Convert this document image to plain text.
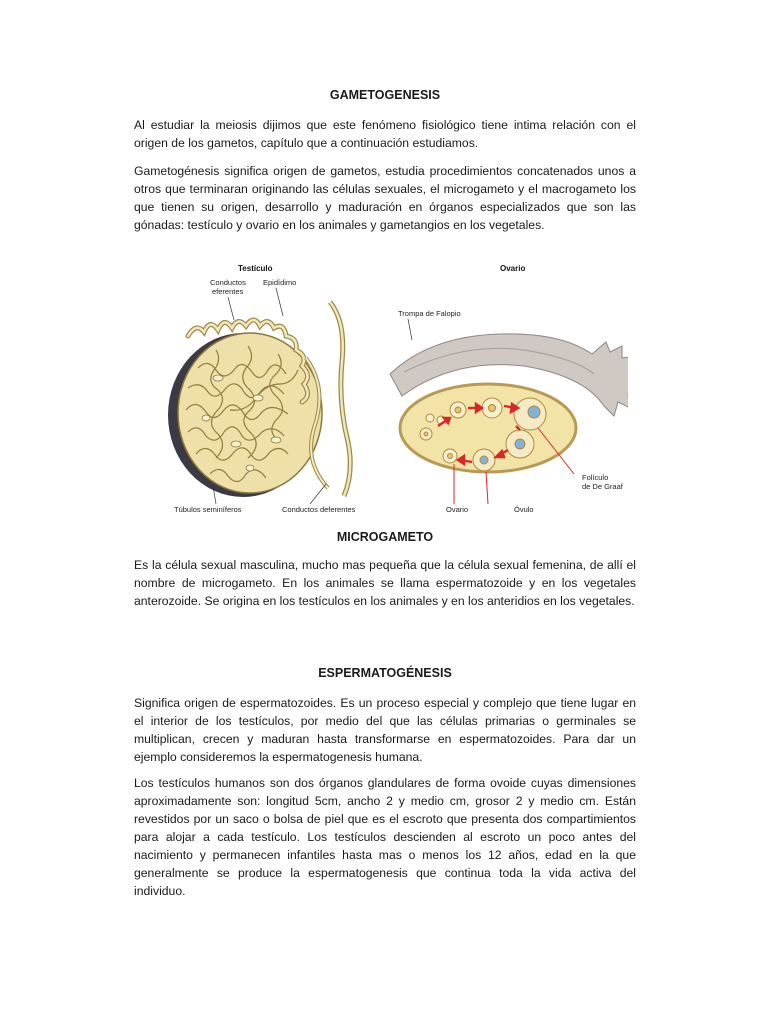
GAMETOGENESIS

Al estudiar la meiosis dijimos que este fenómeno fisiológico tiene intima relación con el origen de los gametos, capítulo que a continuación estudiamos.

Gametogénesis significa origen de gametos, estudia procedimientos concatenados unos a otros que terminaran originando las células sexuales, el microgameto y el macrogameto los que tienen su origen, desarrollo y maduración en órganos especializados que son las gónadas: testículo y ovario en los animales y gametangios en los vegetales.

Testículo
Conductos
eferentes
Epidídimo
Túbulos seminíferos	Conductos deferentes
Ovario
Trompa de Falopio
Folículo
de De Graaf
Ovario	Óvulo
MICROGAMETO

Es la célula sexual masculina, mucho mas pequeña que la célula sexual femenina, de allí el nombre de microgameto. En los animales se llama espermatozoide y en los vegetales anterozoide. Se origina en los testículos en los animales y en los anteridios en los vegetales.

ESPERMATOGÉNESIS

Significa origen de espermatozoides. Es un proceso especial y complejo que tiene lugar en el interior de los testículos, por medio del que las células primarias o germinales se multiplican, crecen y maduran hasta transformarse en espermatozoides. Para dar un ejemplo consideremos la espermatogenesis humana.

Los testículos humanos son dos órganos glandulares de forma ovoide cuyas dimensiones aproximadamente son: longitud 5cm, ancho 2 y medio cm, grosor 2 y medio cm. Están revestidos por un saco o bolsa de piel que es el escroto que presenta dos compartimientos para alojar a cada testículo. Los testículos descienden al escroto un poco antes del nacimiento y permanecen infantiles hasta mas o menos los 12 años, edad en la que generalmente se produce la espermatogenesis que continua toda la vida activa del individuo.
